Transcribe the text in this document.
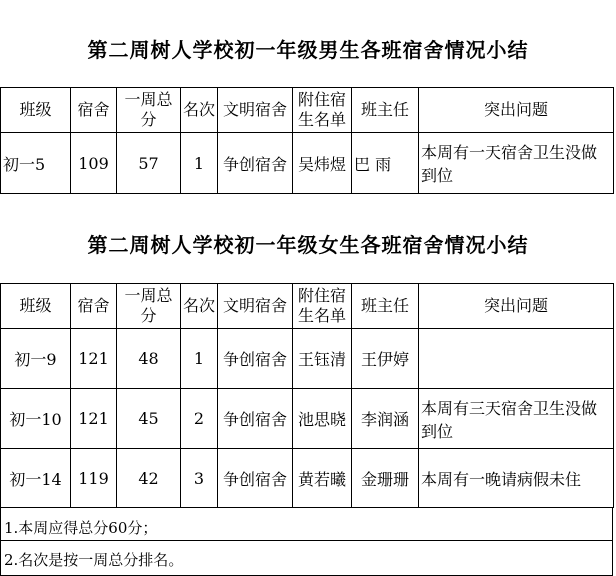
第二周树人学校初一年级男生各班宿舍情况小结
班级	宿舍	一周总分	名次	文明宿舍	附住宿生名单	班主任	突出问题
初一5	109	57	1	争创宿舍	吴炜煜	巴 雨	本周有一天宿舍卫生没做到位
第二周树人学校初一年级女生各班宿舍情况小结
班级	宿舍	一周总分	名次	文明宿舍	附住宿生名单	班主任	突出问题
初一9	121	48	1	争创宿舍	王钰清	王伊婷	
初一10	121	45	2	争创宿舍	池思晓	李润涵	本周有三天宿舍卫生没做到位
初一14	119	42	3	争创宿舍	黄若曦	金珊珊	本周有一晚请病假未住
1.本周应得总分60分；
2.名次是按一周总分排名。
